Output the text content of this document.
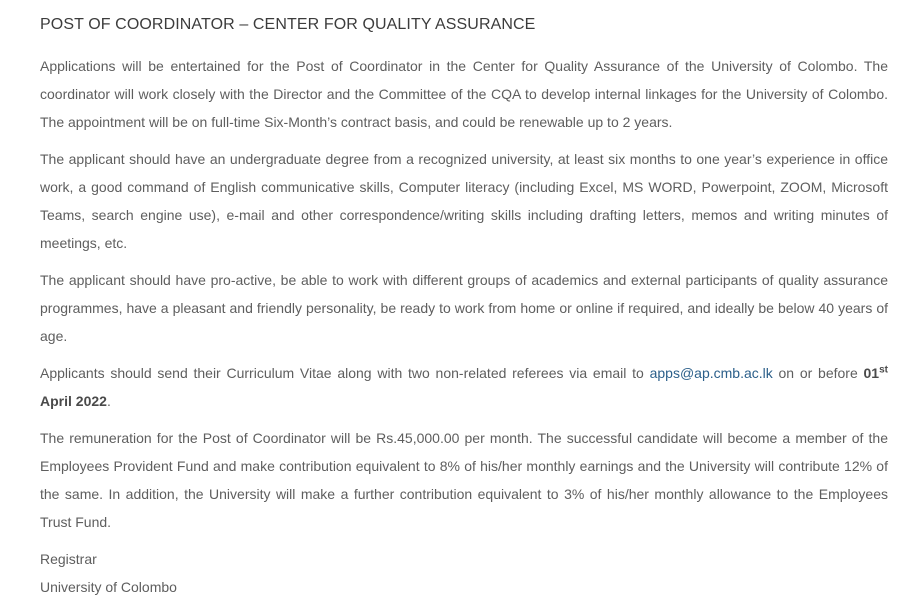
POST OF COORDINATOR – CENTER FOR QUALITY ASSURANCE

Applications will be entertained for the Post of Coordinator in the Center for Quality Assurance of the University of Colombo. The coordinator will work closely with the Director and the Committee of the CQA to develop internal linkages for the University of Colombo. The appointment will be on full-time Six-Month’s contract basis, and could be renewable up to 2 years.

The applicant should have an undergraduate degree from a recognized university, at least six months to one year’s experience in office work, a good command of English communicative skills, Computer literacy (including Excel, MS WORD, Powerpoint, ZOOM, Microsoft Teams, search engine use), e-mail and other correspondence/writing skills including drafting letters, memos and writing minutes of meetings, etc.

The applicant should have pro-active, be able to work with different groups of academics and external participants of quality assurance programmes, have a pleasant and friendly personality, be ready to work from home or online if required, and ideally be below 40 years of age.

Applicants should send their Curriculum Vitae along with two non-related referees via email to apps@ap.cmb.ac.lk on or before 01st April 2022.

The remuneration for the Post of Coordinator will be Rs.45,000.00 per month. The successful candidate will become a member of the Employees Provident Fund and make contribution equivalent to 8% of his/her monthly earnings and the University will contribute 12% of the same. In addition, the University will make a further contribution equivalent to 3% of his/her monthly allowance to the Employees Trust Fund.

Registrar
University of Colombo
